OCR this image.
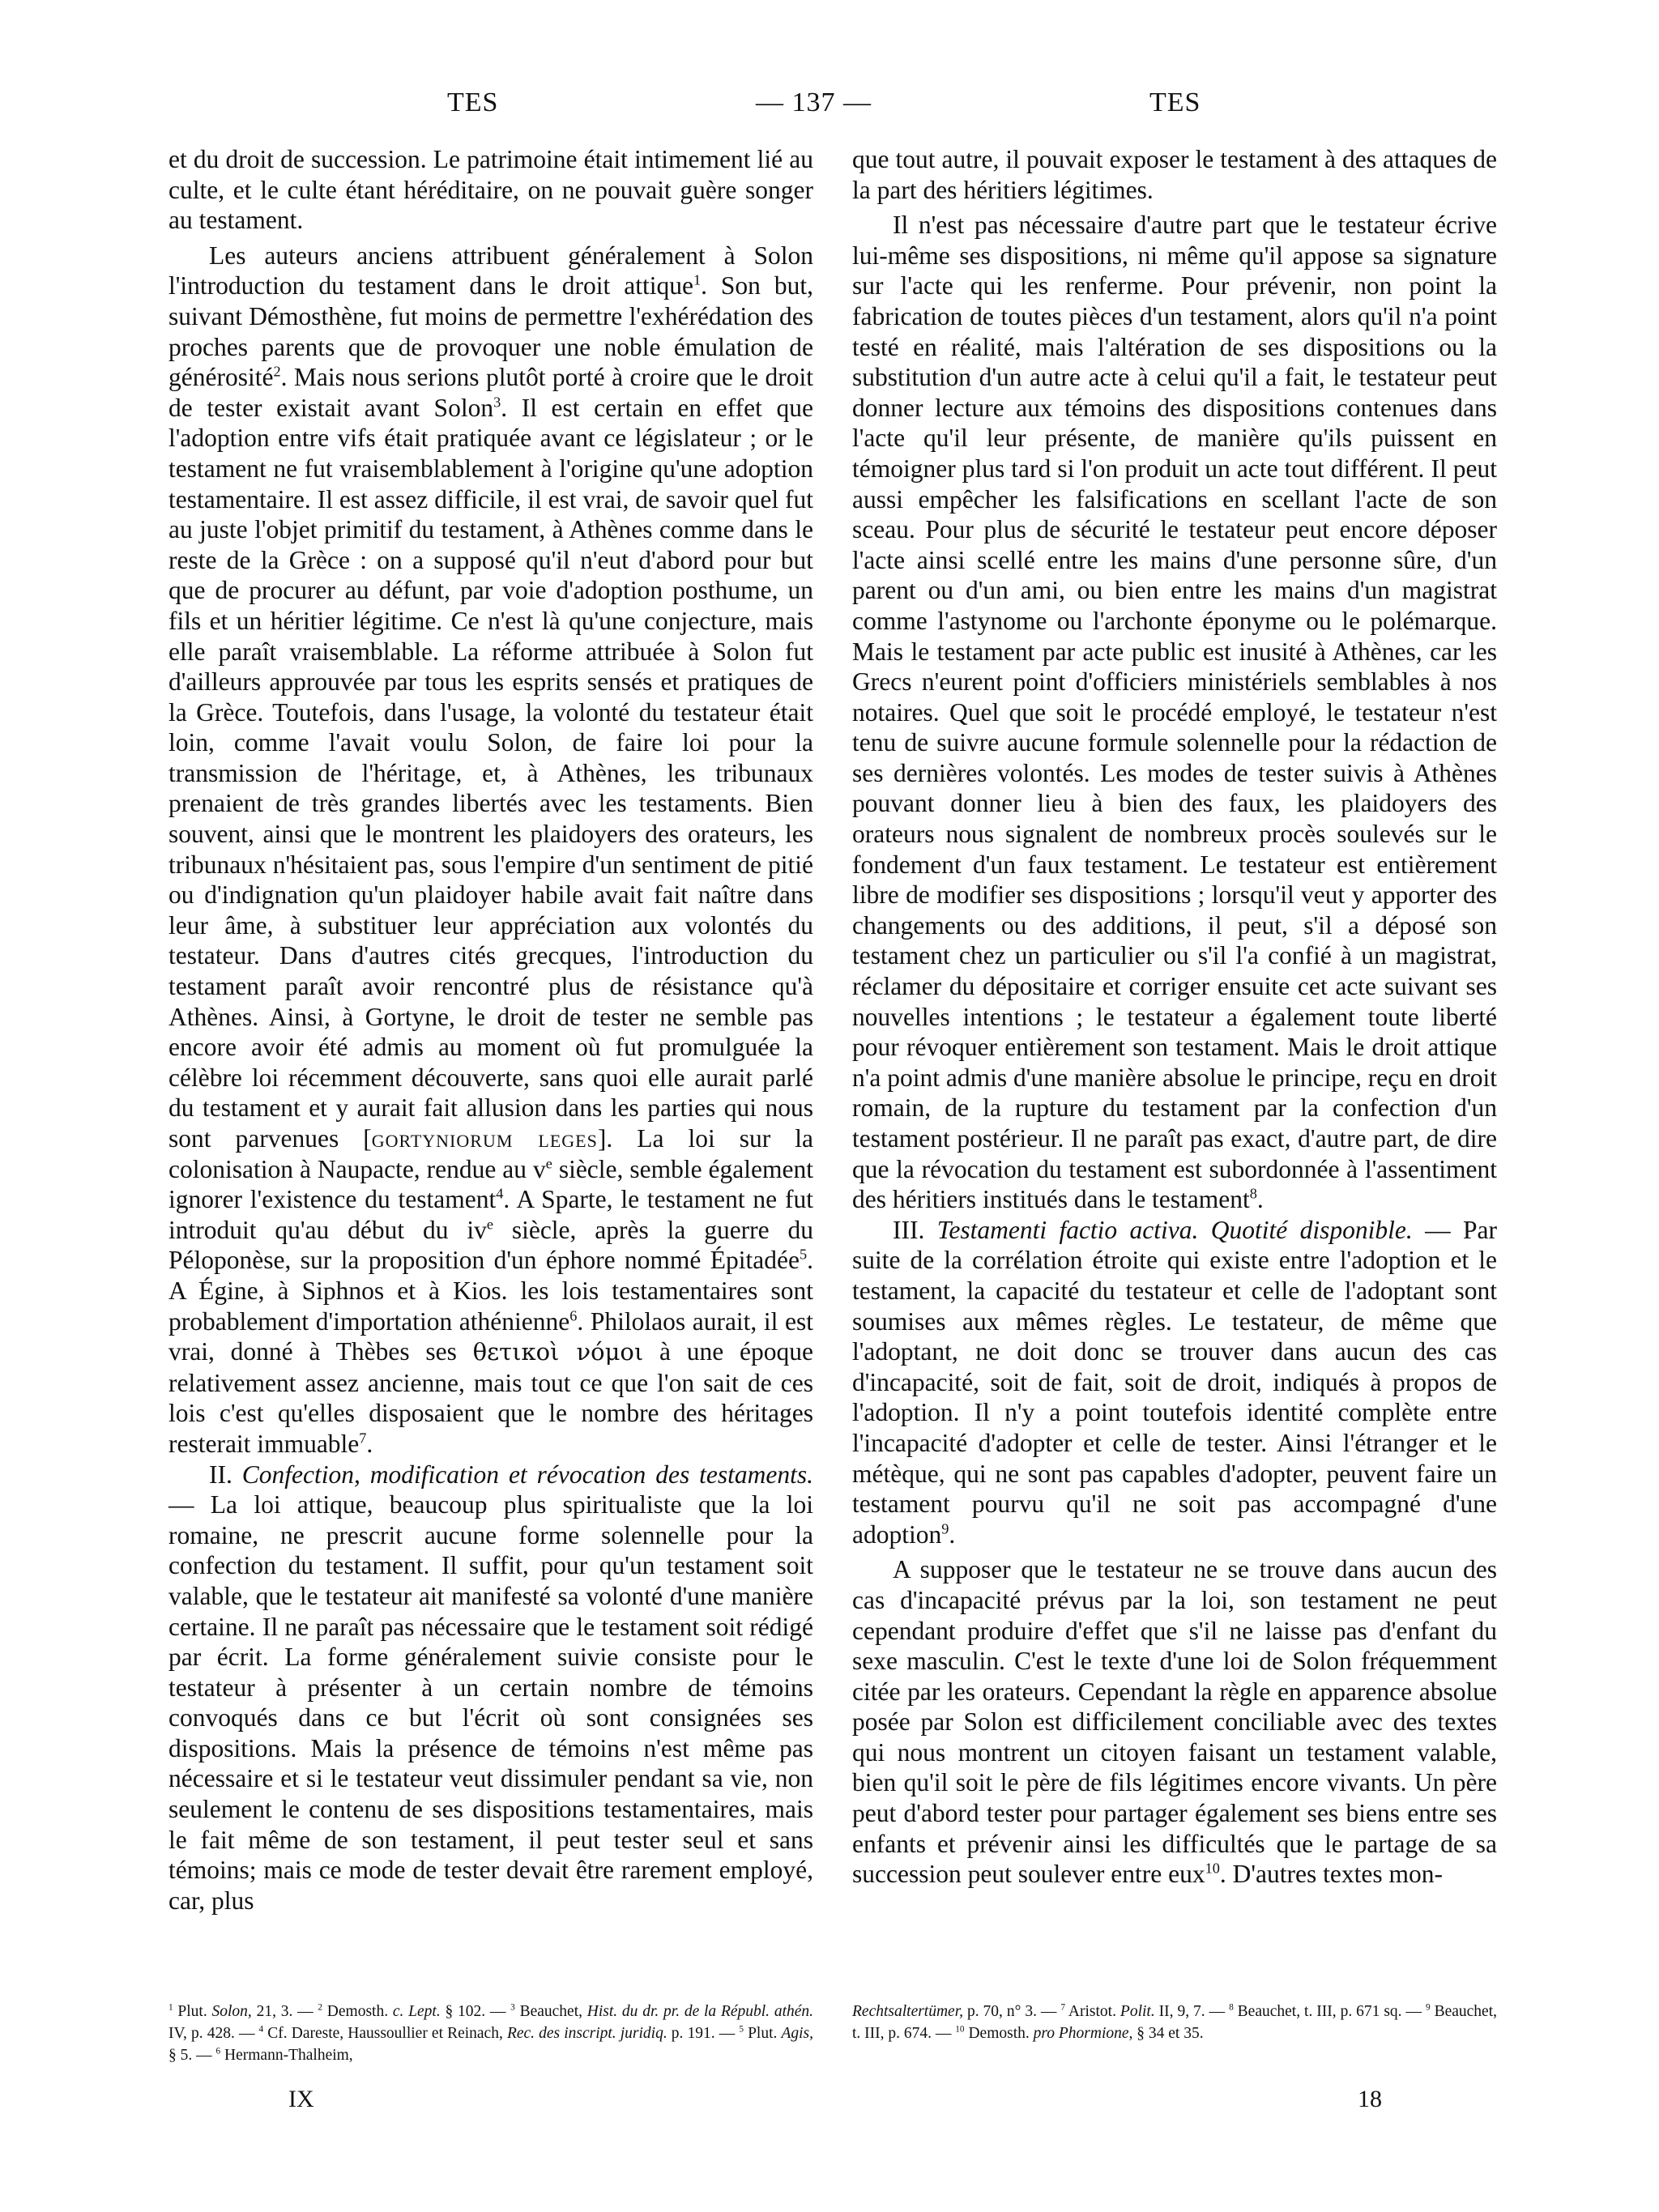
TES	— 137 —	TES

et du droit de succession. Le patrimoine était intimement lié au culte, et le culte étant héréditaire, on ne pouvait guère songer au testament.

Les auteurs anciens attribuent généralement à Solon l'introduction du testament dans le droit attique$^1$. Son but, suivant Démosthène, fut moins de permettre l'exhérédation des proches parents que de provoquer une noble émulation de générosité$^2$. Mais nous serions plutôt porté à croire que le droit de tester existait avant Solon$^3$. Il est certain en effet que l'adoption entre vifs était pratiquée avant ce législateur ; or le testament ne fut vraisemblablement à l'origine qu'une adoption testamentaire. Il est assez difficile, il est vrai, de savoir quel fut au juste l'objet primitif du testament, à Athènes comme dans le reste de la Grèce : on a supposé qu'il n'eut d'abord pour but que de procurer au défunt, par voie d'adoption posthume, un fils et un héritier légitime. Ce n'est là qu'une conjecture, mais elle paraît vraisemblable. La réforme attribuée à Solon fut d'ailleurs approuvée par tous les esprits sensés et pratiques de la Grèce. Toutefois, dans l'usage, la volonté du testateur était loin, comme l'avait voulu Solon, de faire loi pour la transmission de l'héritage, et, à Athènes, les tribunaux prenaient de très grandes libertés avec les testaments. Bien souvent, ainsi que le montrent les plaidoyers des orateurs, les tribunaux n'hésitaient pas, sous l'empire d'un sentiment de pitié ou d'indignation qu'un plaidoyer habile avait fait naître dans leur âme, à substituer leur appréciation aux volontés du testateur. Dans d'autres cités grecques, l'introduction du testament paraît avoir rencontré plus de résistance qu'à Athènes. Ainsi, à Gortyne, le droit de tester ne semble pas encore avoir été admis au moment où fut promulguée la célèbre loi récemment découverte, sans quoi elle aurait parlé du testament et y aurait fait allusion dans les parties qui nous sont parvenues [gortyniorum leges]. La loi sur la colonisation à Naupacte, rendue au $v^e$ siècle, semble également ignorer l'existence du testament$^4$. A Sparte, le testament ne fut introduit qu'au début du $iv^e$ siècle, après la guerre du Péloponèse, sur la proposition d'un éphore nommé Épitadée$^5$. A Égine, à Siphnos et à Kios. les lois testamentaires sont probablement d'importation athénienne$^6$. Philolaos aurait, il est vrai, donné à Thèbes ses θετικοὶ νόμοι à une époque relativement assez ancienne, mais tout ce que l'on sait de ces lois c'est qu'elles disposaient que le nombre des héritages resterait immuable$^7$.

II. Confection, modification et révocation des testaments. — La loi attique, beaucoup plus spiritualiste que la loi romaine, ne prescrit aucune forme solennelle pour la confection du testament. Il suffit, pour qu'un testament soit valable, que le testateur ait manifesté sa volonté d'une manière certaine. Il ne paraît pas nécessaire que le testament soit rédigé par écrit. La forme généralement suivie consiste pour le testateur à présenter à un certain nombre de témoins convoqués dans ce but l'écrit où sont consignées ses dispositions. Mais la présence de témoins n'est même pas nécessaire et si le testateur veut dissimuler pendant sa vie, non seulement le contenu de ses dispositions testamentaires, mais le fait même de son testament, il peut tester seul et sans témoins; mais ce mode de tester devait être rarement employé, car, plus

que tout autre, il pouvait exposer le testament à des attaques de la part des héritiers légitimes.

Il n'est pas nécessaire d'autre part que le testateur écrive lui-même ses dispositions, ni même qu'il appose sa signature sur l'acte qui les renferme. Pour prévenir, non point la fabrication de toutes pièces d'un testament, alors qu'il n'a point testé en réalité, mais l'altération de ses dispositions ou la substitution d'un autre acte à celui qu'il a fait, le testateur peut donner lecture aux témoins des dispositions contenues dans l'acte qu'il leur présente, de manière qu'ils puissent en témoigner plus tard si l'on produit un acte tout différent. Il peut aussi empêcher les falsifications en scellant l'acte de son sceau. Pour plus de sécurité le testateur peut encore déposer l'acte ainsi scellé entre les mains d'une personne sûre, d'un parent ou d'un ami, ou bien entre les mains d'un magistrat comme l'astynome ou l'archonte éponyme ou le polémarque. Mais le testament par acte public est inusité à Athènes, car les Grecs n'eurent point d'officiers ministériels semblables à nos notaires. Quel que soit le procédé employé, le testateur n'est tenu de suivre aucune formule solennelle pour la rédaction de ses dernières volontés. Les modes de tester suivis à Athènes pouvant donner lieu à bien des faux, les plaidoyers des orateurs nous signalent de nombreux procès soulevés sur le fondement d'un faux testament. Le testateur est entièrement libre de modifier ses dispositions ; lorsqu'il veut y apporter des changements ou des additions, il peut, s'il a déposé son testament chez un particulier ou s'il l'a confié à un magistrat, réclamer du dépositaire et corriger ensuite cet acte suivant ses nouvelles intentions ; le testateur a également toute liberté pour révoquer entièrement son testament. Mais le droit attique n'a point admis d'une manière absolue le principe, reçu en droit romain, de la rupture du testament par la confection d'un testament postérieur. Il ne paraît pas exact, d'autre part, de dire que la révocation du testament est subordonnée à l'assentiment des héritiers institués dans le testament$^8$.

III. Testamenti factio activa. Quotité disponible. — Par suite de la corrélation étroite qui existe entre l'adoption et le testament, la capacité du testateur et celle de l'adoptant sont soumises aux mêmes règles. Le testateur, de même que l'adoptant, ne doit donc se trouver dans aucun des cas d'incapacité, soit de fait, soit de droit, indiqués à propos de l'adoption. Il n'y a point toutefois identité complète entre l'incapacité d'adopter et celle de tester. Ainsi l'étranger et le métèque, qui ne sont pas capables d'adopter, peuvent faire un testament pourvu qu'il ne soit pas accompagné d'une adoption$^9$.

A supposer que le testateur ne se trouve dans aucun des cas d'incapacité prévus par la loi, son testament ne peut cependant produire d'effet que s'il ne laisse pas d'enfant du sexe masculin. C'est le texte d'une loi de Solon fréquemment citée par les orateurs. Cependant la règle en apparence absolue posée par Solon est difficilement conciliable avec des textes qui nous montrent un citoyen faisant un testament valable, bien qu'il soit le père de fils légitimes encore vivants. Un père peut d'abord tester pour partager également ses biens entre ses enfants et prévenir ainsi les difficultés que le partage de sa succession peut soulever entre eux$^{10}$. D'autres textes mon-

$^1$ Plut. Solon, 21, 3. — $^2$ Demosth. c. Lept. § 102. — $^3$ Beauchet, Hist. du dr. pr. de la Républ. athén. IV, p. 428. — $^4$ Cf. Dareste, Haussoullier et Reinach, Rec. des inscript. juridiq. p. 191. — $^5$ Plut. Agis, § 5. — $^6$ Hermann-Thalheim,
Rechtsaltertümer, p. 70, n° 3. — $^7$ Aristot. Polit. II, 9, 7. — $^8$ Beauchet, t. III, p. 671 sq. — $^9$ Beauchet, t. III, p. 674. — $^{10}$ Demosth. pro Phormione, § 34 et 35.
IX	18
